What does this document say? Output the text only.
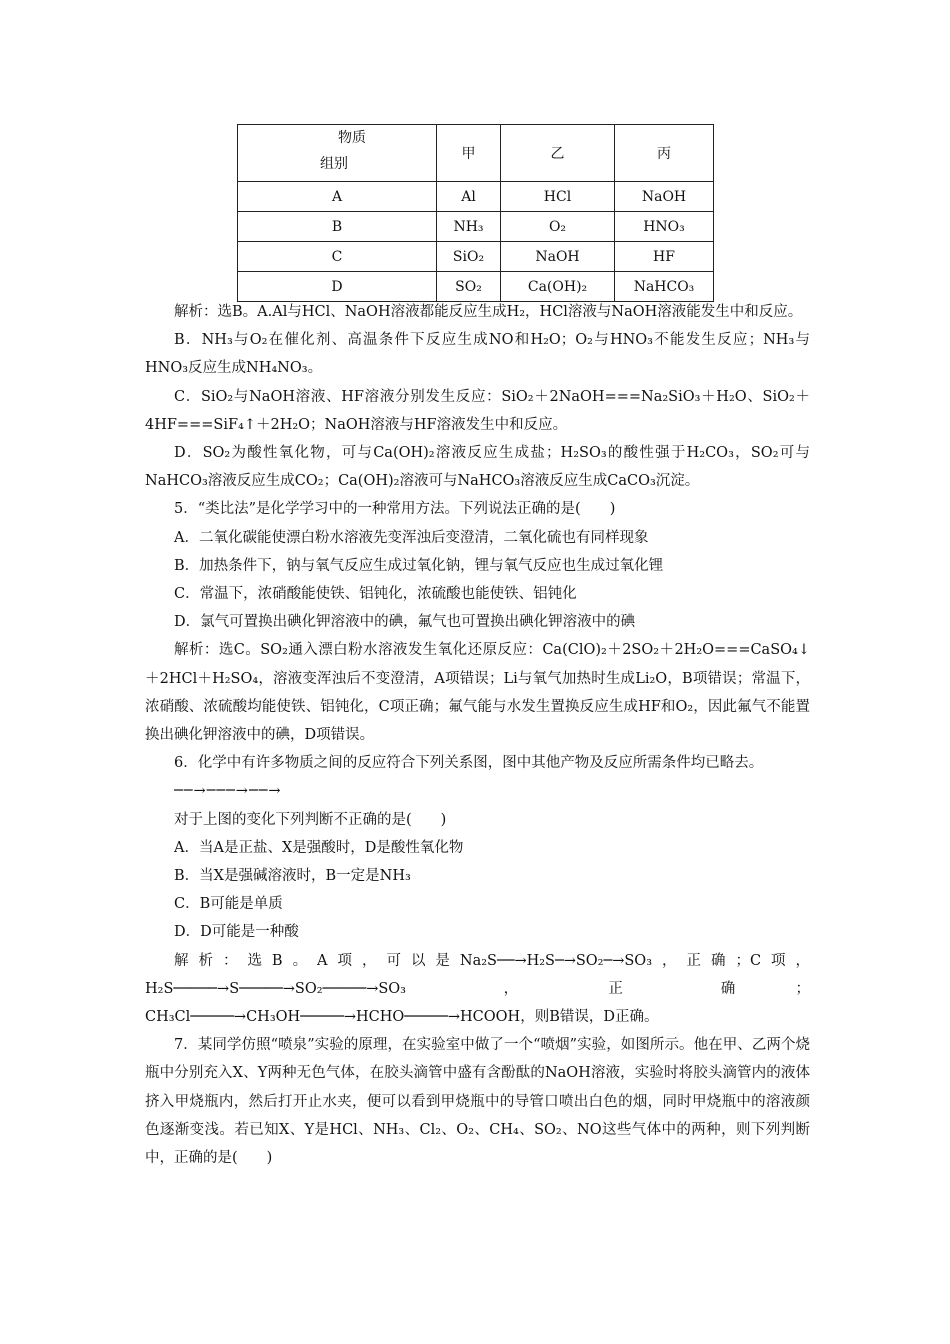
物质
组别	甲	乙	丙
A	Al	HCl	NaOH
B	NH₃	O₂	HNO₃
C	SiO₂	NaOH	HF
D	SO₂	Ca(OH)₂	NaHCO₃

解析：选B。A.Al与HCl、NaOH溶液都能反应生成H₂，HCl溶液与NaOH溶液能发生中和反应。

B．NH₃与O₂在催化剂、高温条件下反应生成NO和H₂O；O₂与HNO₃不能发生反应；NH₃与HNO₃反应生成NH₄NO₃。

C．SiO₂与NaOH溶液、HF溶液分别发生反应：SiO₂＋2NaOH===Na₂SiO₃＋H₂O、SiO₂＋4HF===SiF₄↑＋2H₂O；NaOH溶液与HF溶液发生中和反应。

D．SO₂为酸性氧化物，可与Ca(OH)₂溶液反应生成盐；H₂SO₃的酸性强于H₂CO₃，SO₂可与NaHCO₃溶液反应生成CO₂；Ca(OH)₂溶液可与NaHCO₃溶液反应生成CaCO₃沉淀。

5．“类比法”是化学学习中的一种常用方法。下列说法正确的是(　　)

A．二氧化碳能使漂白粉水溶液先变浑浊后变澄清，二氧化硫也有同样现象

B．加热条件下，钠与氧气反应生成过氧化钠，锂与氧气反应也生成过氧化锂

C．常温下，浓硝酸能使铁、铝钝化，浓硫酸也能使铁、铝钝化

D．氯气可置换出碘化钾溶液中的碘，氟气也可置换出碘化钾溶液中的碘

解析：选C。SO₂通入漂白粉水溶液发生氧化还原反应：Ca(ClO)₂＋2SO₂＋2H₂O===CaSO₄↓＋2HCl＋H₂SO₄，溶液变浑浊后不变澄清，A项错误；Li与氧气加热时生成Li₂O，B项错误；常温下，浓硝酸、浓硫酸均能使铁、铝钝化，C项正确；氟气能与水发生置换反应生成HF和O₂，因此氟气不能置换出碘化钾溶液中的碘，D项错误。

6．化学中有许多物质之间的反应符合下列关系图，图中其他产物及反应所需条件均已略去。

──→───→──→

对于上图的变化下列判断不正确的是(　　)

A．当A是正盐、X是强酸时，D是酸性氧化物

B．当X是强碱溶液时，B一定是NH₃

C．B可能是单质

D．D可能是一种酸

解析：选B。A项，可以是Na₂S──→H₂S─→SO₂─→SO₃，正确；C项，

H₂S─────→S─────→SO₂─────→SO₃　　，　　正　　确　；

CH₃Cl─────→CH₃OH─────→HCHO─────→HCOOH，则B错误，D正确。

7．某同学仿照“喷泉”实验的原理，在实验室中做了一个“喷烟”实验，如图所示。他在甲、乙两个烧瓶中分别充入X、Y两种无色气体，在胶头滴管中盛有含酚酞的NaOH溶液，实验时将胶头滴管内的液体挤入甲烧瓶内，然后打开止水夹，便可以看到甲烧瓶中的导管口喷出白色的烟，同时甲烧瓶中的溶液颜色逐渐变浅。若已知X、Y是HCl、NH₃、Cl₂、O₂、CH₄、SO₂、NO这些气体中的两种，则下列判断中，正确的是(　　)
